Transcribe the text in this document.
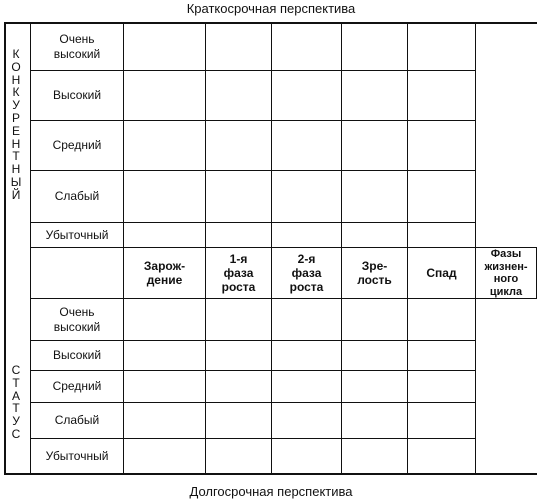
Краткосрочная перспектива
Долгосрочная перспектива
К
О
Н
К
У
Р
Е
Н
Т
Н
Ы
Й
С
Т
А
Т
У
С
Очень
высокий
Высокий
Средний
Слабый
Убыточный
Очень
высокий
Высокий
Средний
Слабый
Убыточный
Зарож-
дение
1-я
фаза
роста
2-я
фаза
роста
Зре-
лость	Спад
Фазы
жизнен-
ного
цикла
